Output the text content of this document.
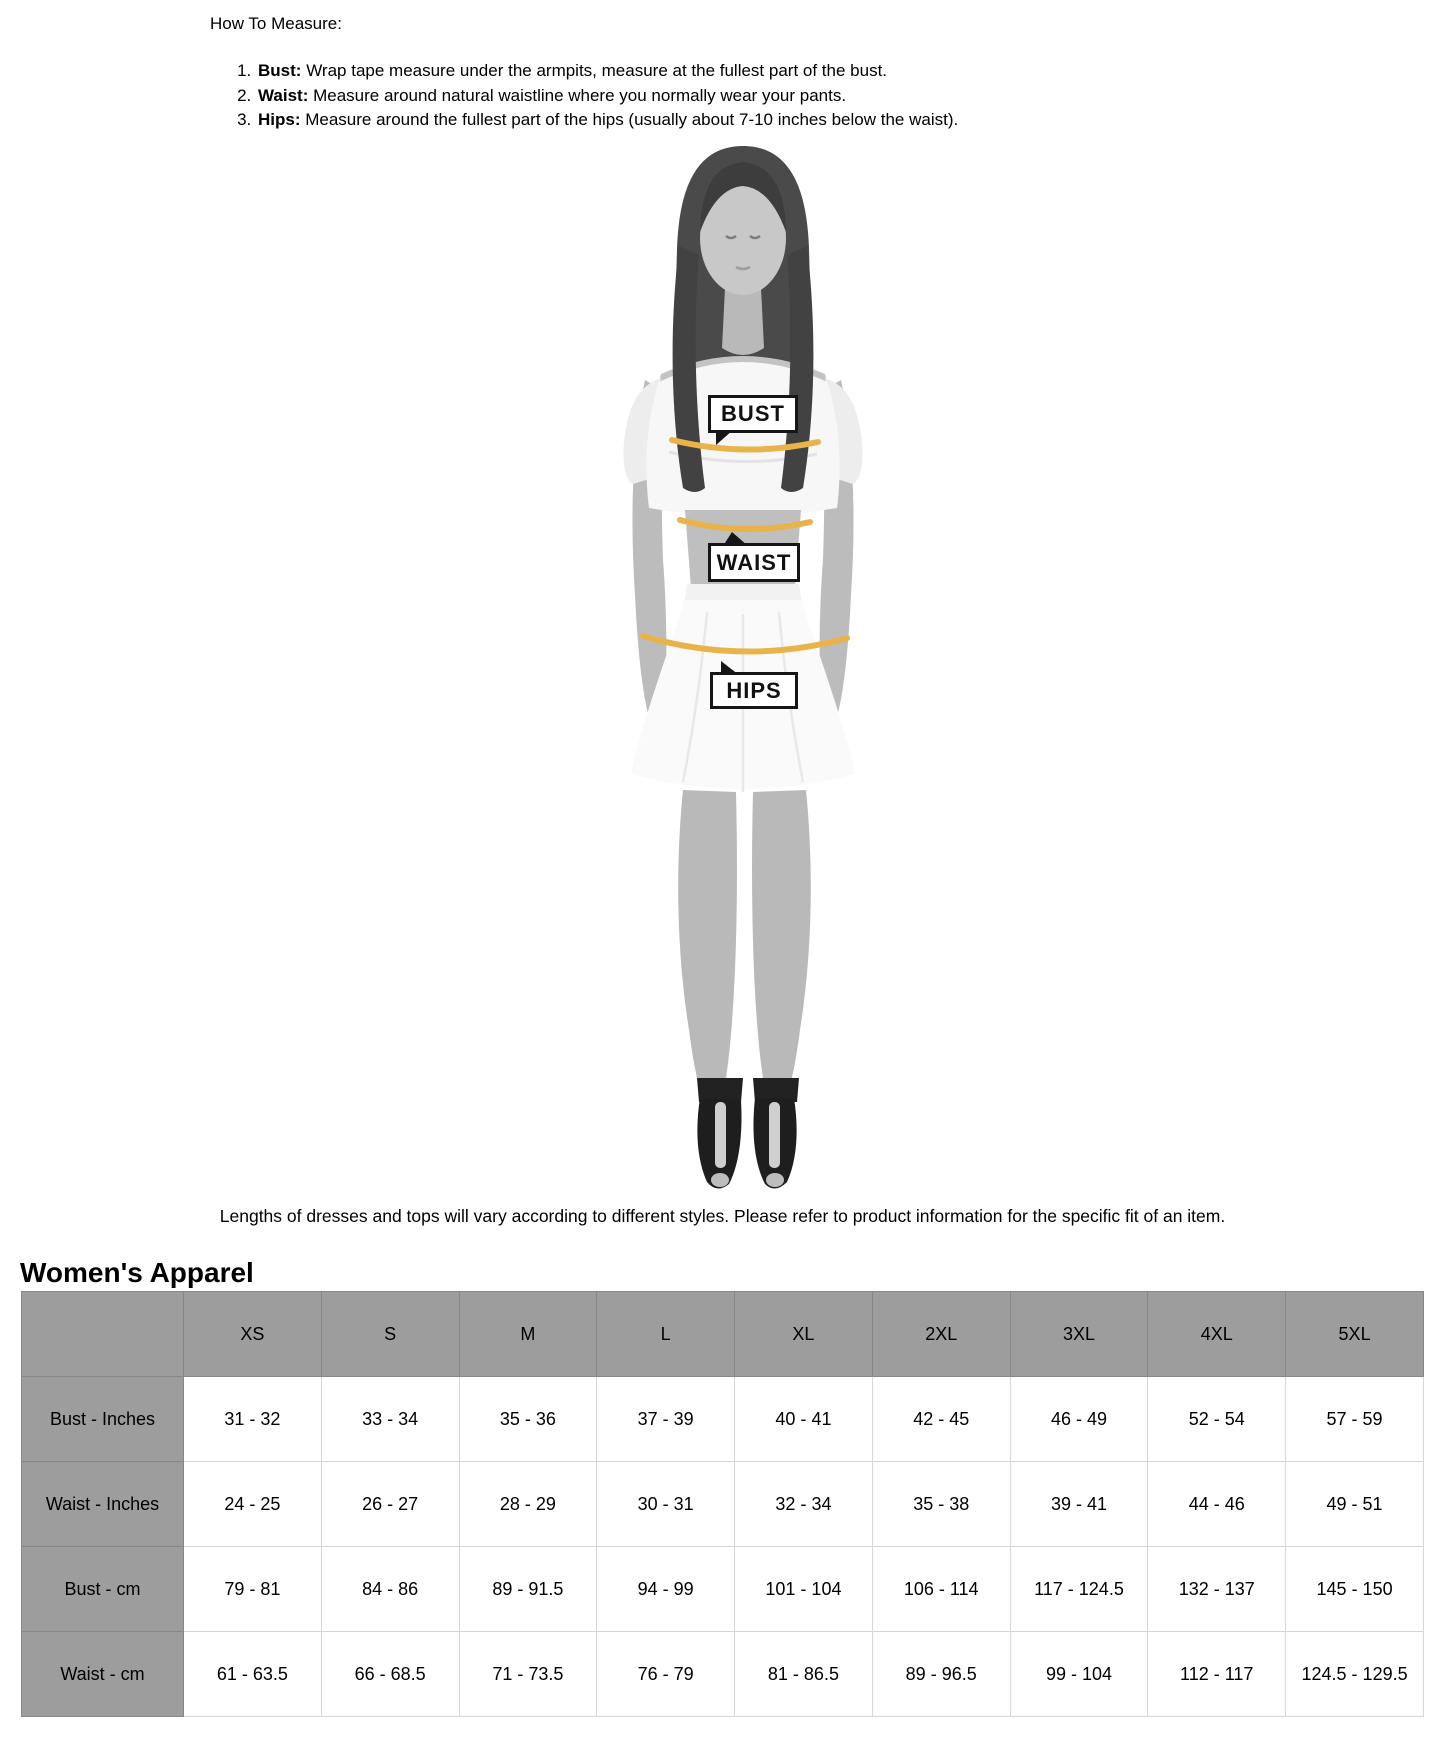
How To Measure:

1. Bust: Wrap tape measure under the armpits, measure at the fullest part of the bust.
2. Waist: Measure around natural waistline where you normally wear your pants.
3. Hips: Measure around the fullest part of the hips (usually about 7-10 inches below the waist).
BUST
WAIST
HIPS

Lengths of dresses and tops will vary according to different styles. Please refer to product information for the specific fit of an item.

Women's Apparel
	XS	S	M	L	XL	2XL	3XL	4XL	5XL
Bust - Inches	31 - 32	33 - 34	35 - 36	37 - 39	40 - 41	42 - 45	46 - 49	52 - 54	57 - 59
Waist - Inches	24 - 25	26 - 27	28 - 29	30 - 31	32 - 34	35 - 38	39 - 41	44 - 46	49 - 51
Bust - cm	79 - 81	84 - 86	89 - 91.5	94 - 99	101 - 104	106 - 114	117 - 124.5	132 - 137	145 - 150
Waist - cm	61 - 63.5	66 - 68.5	71 - 73.5	76 - 79	81 - 86.5	89 - 96.5	99 - 104	112 - 117	124.5 - 129.5
